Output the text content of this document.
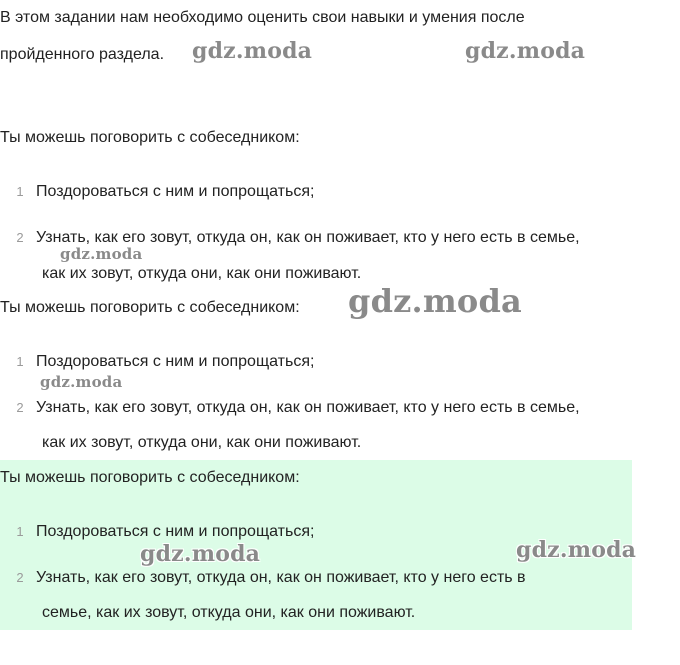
В этом задании нам необходимо оценить свои навыки и умения после
пройденного раздела.
Ты можешь поговорить с собеседником:
1 Поздороваться с ним и попрощаться;
2 Узнать, как его зовут, откуда он, как он поживает, кто у него есть в семье,
как их зовут, откуда они, как они поживают.
Ты можешь поговорить с собеседником:
1 Поздороваться с ним и попрощаться;
2 Узнать, как его зовут, откуда он, как он поживает, кто у него есть в семье,
как их зовут, откуда они, как они поживают.
Ты можешь поговорить с собеседником:
1 Поздороваться с ним и попрощаться;
2 Узнать, как его зовут, откуда он, как он поживает, кто у него есть в
семье, как их зовут, откуда они, как они поживают.
gdz.moda	gdz.moda
gdz.moda
gdz.moda
gdz.moda
gdz.moda	gdz.moda
